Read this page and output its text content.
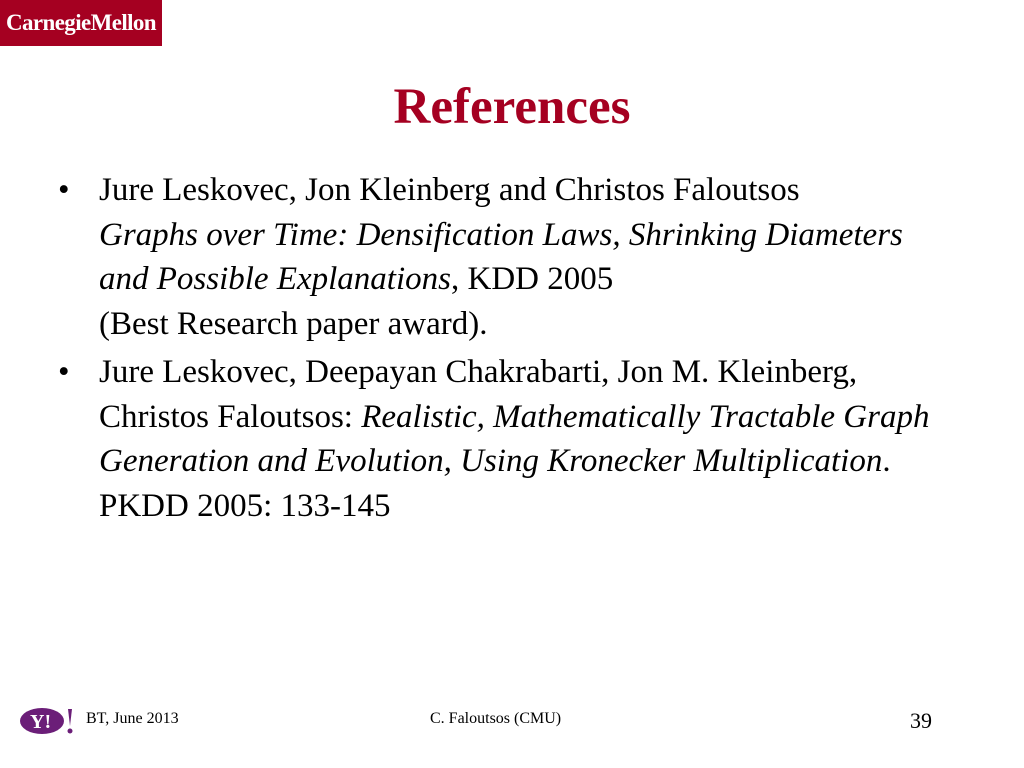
CarnegieMellon
References
• Jure Leskovec, Jon Kleinberg and Christos Faloutsos
Graphs over Time: Densification Laws, Shrinking Diameters and Possible Explanations, KDD 2005
(Best Research paper award).
• Jure Leskovec, Deepayan Chakrabarti, Jon M. Kleinberg, Christos Faloutsos: Realistic, Mathematically Tractable Graph Generation and Evolution, Using Kronecker Multiplication. PKDD 2005: 133-145
Y! BT, June 2013	C. Faloutsos (CMU)	39
